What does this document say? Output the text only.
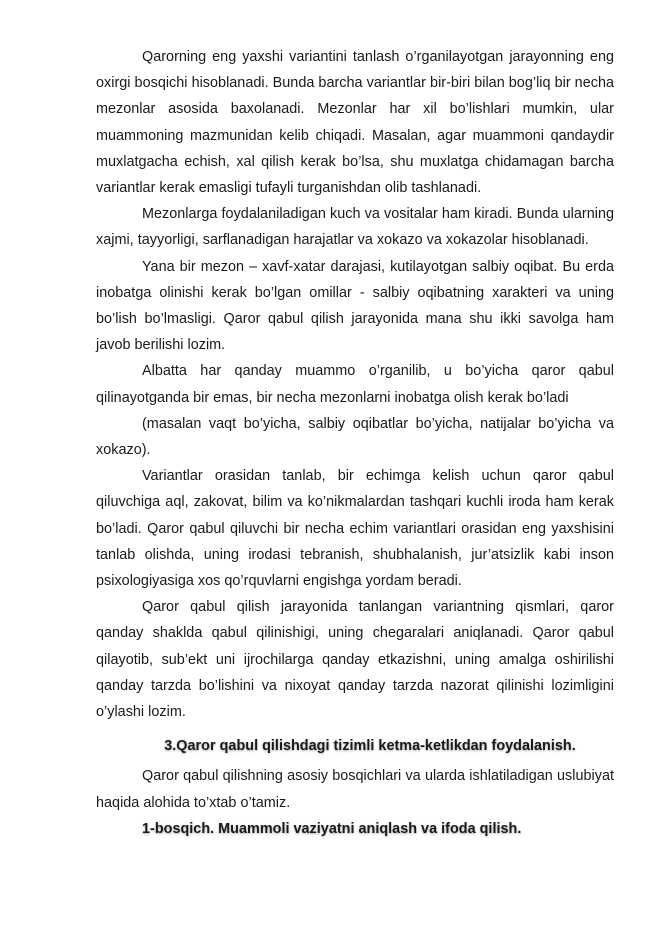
Qarorning eng yaxshi variantini tanlash o’rganilayotgan jarayonning eng oxirgi bosqichi hisoblanadi. Bunda barcha variantlar bir-biri bilan bog’liq bir necha mezonlar asosida baxolanadi. Mezonlar har xil bo’lishlari mumkin, ular muammoning mazmunidan kelib chiqadi. Masalan, agar muammoni qandaydir muxlatgacha echish, xal qilish kerak bo’lsa, shu muxlatga chidamagan barcha variantlar kerak emasligi tufayli turganishdan olib tashlanadi.

Mezonlarga foydalaniladigan kuch va vositalar ham kiradi. Bunda ularning xajmi, tayyorligi, sarflanadigan harajatlar va xokazo va xokazolar hisoblanadi.

Yana bir mezon – xavf-xatar darajasi, kutilayotgan salbiy oqibat. Bu erda inobatga olinishi kerak bo’lgan omillar - salbiy oqibatning xarakteri va uning bo’lish bo’lmasligi. Qaror qabul qilish jarayonida mana shu ikki savolga ham javob berilishi lozim.

Albatta har qanday muammo o’rganilib, u bo’yicha qaror qabul qilinayotganda bir emas, bir necha mezonlarni inobatga olish kerak bo’ladi

(masalan vaqt bo’yicha, salbiy oqibatlar bo’yicha, natijalar bo’yicha va xokazo).

Variantlar orasidan tanlab, bir echimga kelish uchun qaror qabul qiluvchiga aql, zakovat, bilim va ko’nikmalardan tashqari kuchli iroda ham kerak bo’ladi. Qaror qabul qiluvchi bir necha echim variantlari orasidan eng yaxshisini tanlab olishda, uning irodasi tebranish, shubhalanish, jur’atsizlik kabi inson psixologiyasiga xos qo’rquvlarni engishga yordam beradi.

Qaror qabul qilish jarayonida tanlangan variantning qismlari, qaror qanday shaklda qabul qilinishigi, uning chegaralari aniqlanadi. Qaror qabul qilayotib, sub’ekt uni ijrochilarga qanday etkazishni, uning amalga oshirilishi qanday tarzda bo’lishini va nixoyat qanday tarzda nazorat qilinishi lozimligini o’ylashi lozim.

3.Qaror qabul qilishdagi tizimli ketma-ketlikdan foydalanish.

Qaror qabul qilishning asosiy bosqichlari va ularda ishlatiladigan uslubiyat haqida alohida to’xtab o’tamiz.

1-bosqich. Muammoli vaziyatni aniqlash va ifoda qilish.
